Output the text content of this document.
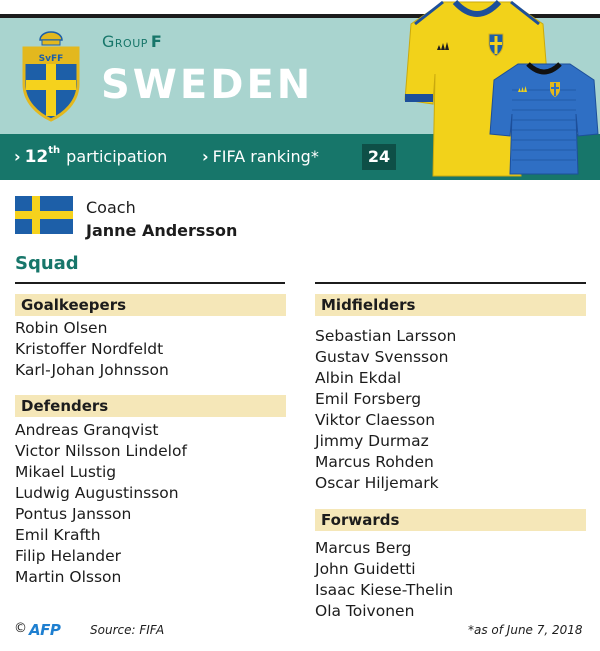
SvFF
Group F
SWEDEN
› 12th participation › FIFA ranking*	24
Coach
Janne Andersson
Squad
Goalkeepers
Robin Olsen
Kristoffer Nordfeldt
Karl-Johan Johnsson
Defenders
Andreas Granqvist
Victor Nilsson Lindelof
Mikael Lustig
Ludwig Augustinsson
Pontus Jansson
Emil Krafth
Filip Helander
Martin Olsson
Midfielders
Sebastian Larsson
Gustav Svensson
Albin Ekdal
Emil Forsberg
Viktor Claesson
Jimmy Durmaz
Marcus Rohden
Oscar Hiljemark
Forwards
Marcus Berg
John Guidetti
Isaac Kiese-Thelin
Ola Toivonen
© AFP Source: FIFA	*as of June 7, 2018
